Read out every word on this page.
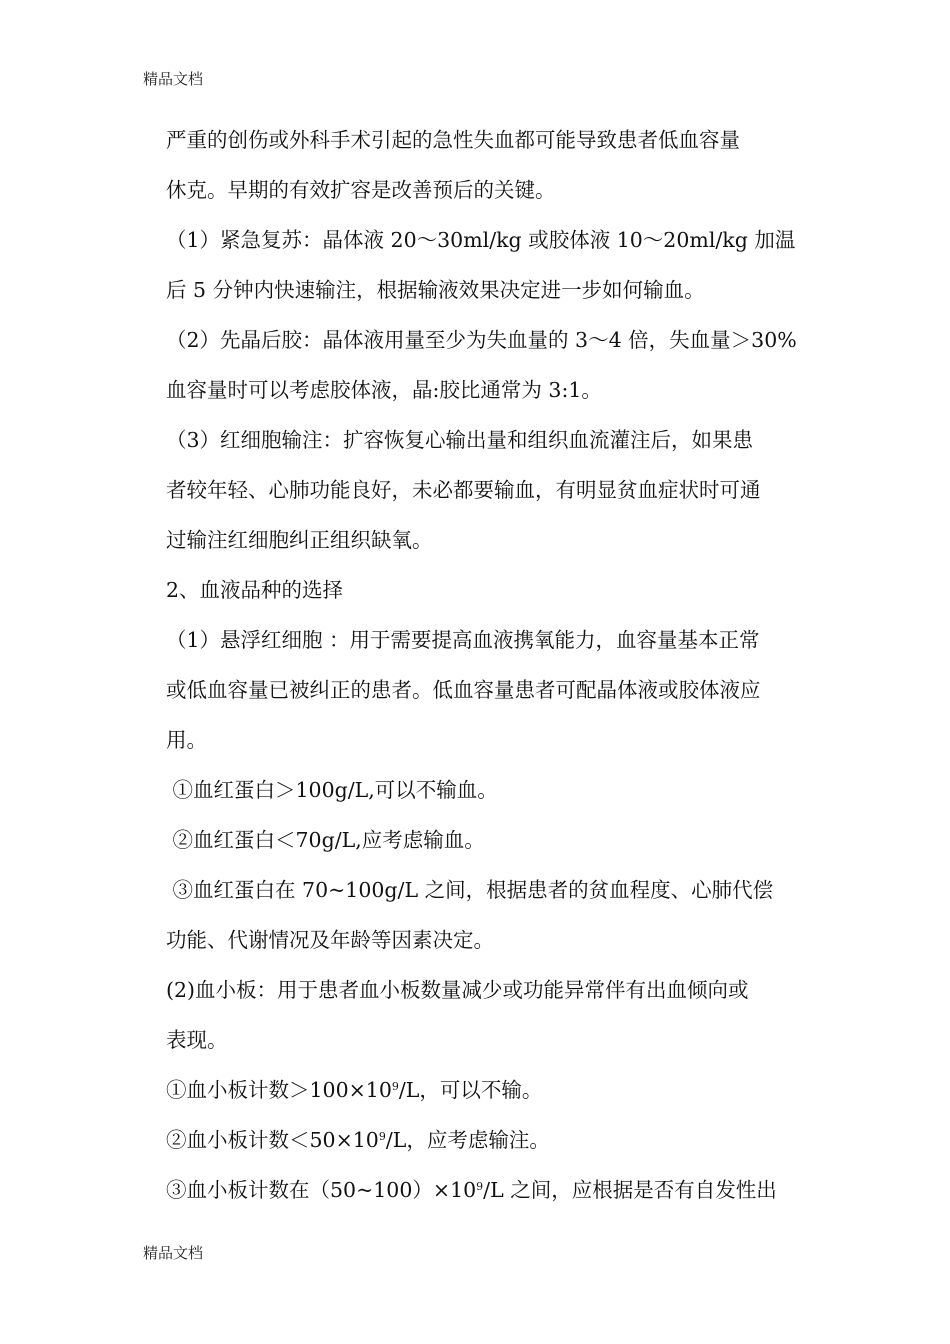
精品文档
严重的创伤或外科手术引起的急性失血都可能导致患者低血容量
休克。早期的有效扩容是改善预后的关键。
（1）紧急复苏：晶体液 20～30ml/kg 或胶体液 10～20ml/kg 加温
后 5 分钟内快速输注，根据输液效果决定进一步如何输血。
（2）先晶后胶：晶体液用量至少为失血量的 3～4 倍，失血量＞30%
血容量时可以考虑胶体液，晶:胶比通常为 3:1。
（3）红细胞输注：扩容恢复心输出量和组织血流灌注后，如果患
者较年轻、心肺功能良好，未必都要输血，有明显贫血症状时可通
过输注红细胞纠正组织缺氧。
2、血液品种的选择
（1）悬浮红细胞 ：用于需要提高血液携氧能力，血容量基本正常
或低血容量已被纠正的患者。低血容量患者可配晶体液或胶体液应
用。
①血红蛋白＞100g/L,可以不输血。
②血红蛋白＜70g/L,应考虑输血。
③血红蛋白在 70~100g/L 之间，根据患者的贫血程度、心肺代偿
功能、代谢情况及年龄等因素决定。
(2)血小板：用于患者血小板数量减少或功能异常伴有出血倾向或
表现。
①血小板计数$>100\times 10^9/L$，可以不输。
②血小板计数$<50\times 10^9/L$，应考虑输注。
③血小板计数在$(50\sim 100)\times 10^9/L$ 之间，应根据是否有自发性出
精品文档
